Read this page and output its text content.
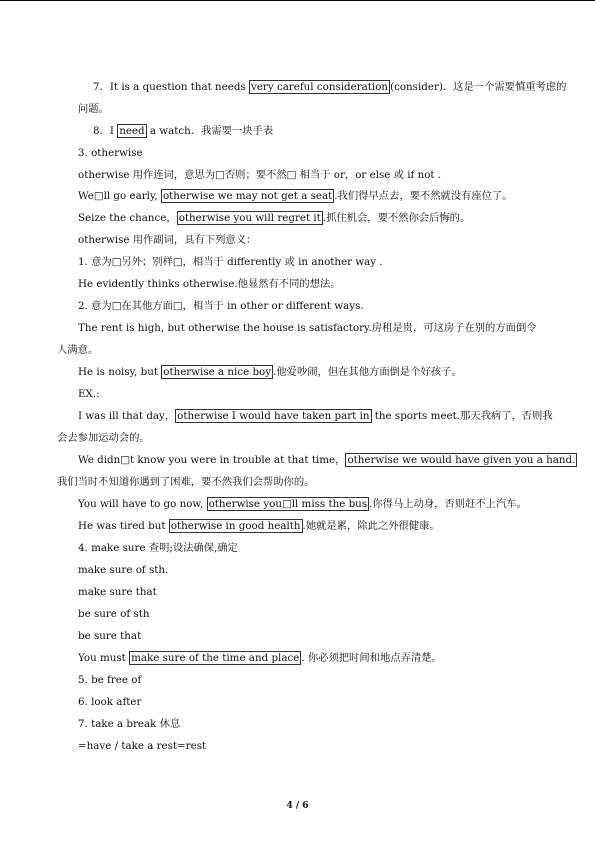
7．It is a question that needs very careful consideration (consider)．这是一个需要慎重考虑的
问题。
8．I need a watch．我需要一块手表
3. otherwise
otherwise 用作连词，意思为□否则；要不然□ 相当于 or，or else 或 if not .
We□ll go early, otherwise we may not get a seat .我们得早点去，要不然就没有座位了。
Seize the chance， otherwise you will regret it .抓住机会，要不然你会后悔的。
otherwise 用作副词，具有下列意义：
1. 意为□另外；别样□，相当于 differently 或 in another way .
He evidently thinks otherwise.他显然有不同的想法。
2. 意为□在其他方面□，相当于 in other or different ways.
The rent is high, but otherwise the house is satisfactory.房租是贵，可这房子在别的方面倒令
人满意。
He is noisy, but otherwise a nice boy .他爱吵闹，但在其他方面倒是个好孩子。
EX.:
I was ill that day， otherwise I would have taken part in the sports meet.那天我病了，否则我
会去参加运动会的。
We didn□t know you were in trouble at that time， otherwise we would have given you a hand.
我们当时不知道你遇到了困难，要不然我们会帮助你的。
You will have to go now, otherwise you□ll miss the bus .你得马上动身，否则赶不上汽车。
He was tired but otherwise in good health .她就是累，除此之外很健康。
4. make sure 查明;设法确保,确定
make sure of sth.
make sure that
be sure of sth
be sure that
You must make sure of the time and place . 你必须把时间和地点弄清楚。
5. be free of
6. look after
7. take a break 休息
=have / take a rest=rest
4 / 6
